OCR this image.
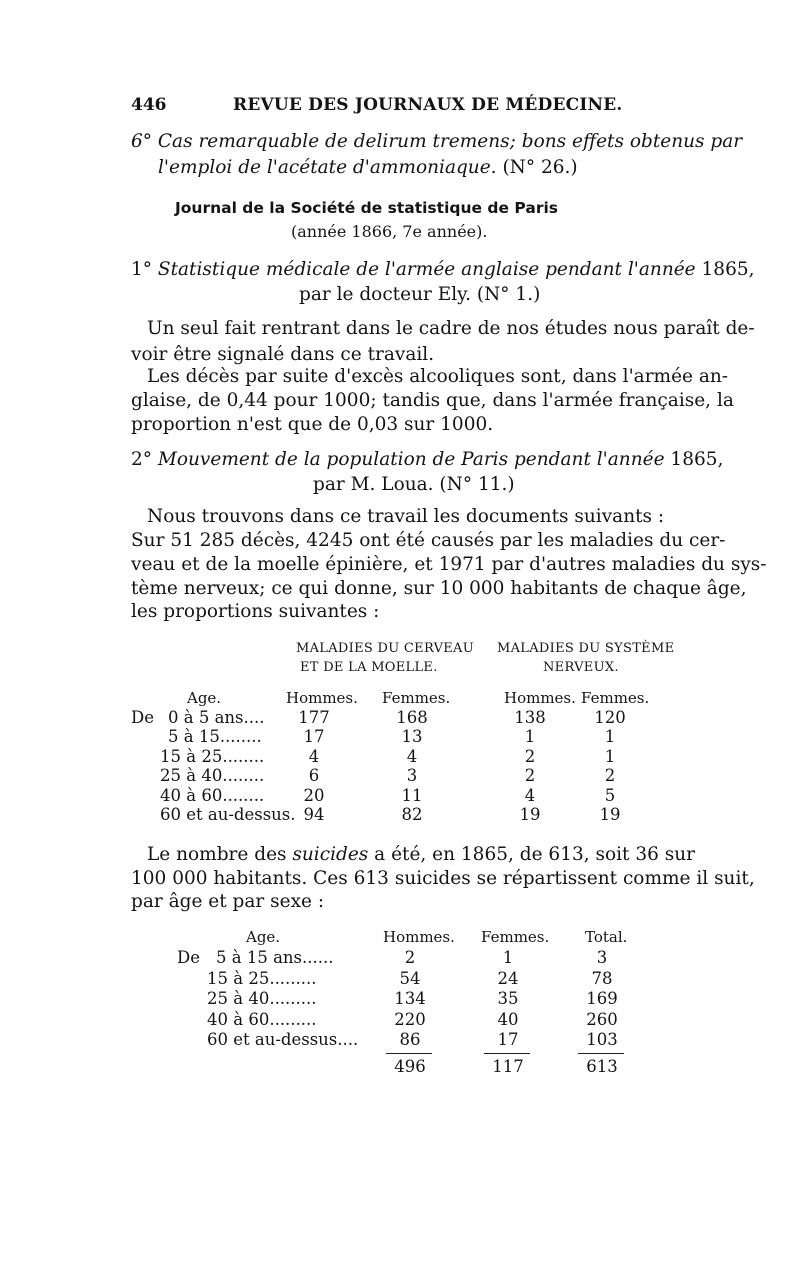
446	REVUE DES JOURNAUX DE MÉDECINE.
6° Cas remarquable de delirum tremens; bons effets obtenus par
l'emploi de l'acétate d'ammoniaque. (N° 26.)
Journal de la Société de statistique de Paris
(année 1866, 7e année).
1° Statistique médicale de l'armée anglaise pendant l'année 1865,
par le docteur Ely. (N° 1.)
Un seul fait rentrant dans le cadre de nos études nous paraît de-
voir être signalé dans ce travail.
Les décès par suite d'excès alcooliques sont, dans l'armée an-
glaise, de 0,44 pour 1000; tandis que, dans l'armée française, la
proportion n'est que de 0,03 sur 1000.
2° Mouvement de la population de Paris pendant l'année 1865,
par M. Loua. (N° 11.)
Nous trouvons dans ce travail les documents suivants :
Sur 51 285 décès, 4245 ont été causés par les maladies du cer-
veau et de la moelle épinière, et 1971 par d'autres maladies du sys-
tème nerveux; ce qui donne, sur 10 000 habitants de chaque âge,
les proportions suivantes :
MALADIES DU CERVEAU
ET DE LA MOELLE.
MALADIES DU SYSTÈME
NERVEUX.
Age.	Hommes. Femmes.	Hommes. Femmes.
De 0 à 5 ans....	177	168	138	120
5 à 15........	17	13	1	1
15 à 25........	4	4	2	1
25 à 40........	6	3	2	2
40 à 60........	20	11	4	5
60 et au-dessus. 94	82	19	19
Le nombre des suicides a été, en 1865, de 613, soit 36 sur
100 000 habitants. Ces 613 suicides se répartissent comme il suit,
par âge et par sexe :
Age.	Hommes. Femmes. Total.
De 5 à 15 ans......	2	1	3
15 à 25.........	54	24	78
25 à 40.........	134	35	169
40 à 60.........	220	40	260
60 et au-dessus....	86	17	103
496	117	613
